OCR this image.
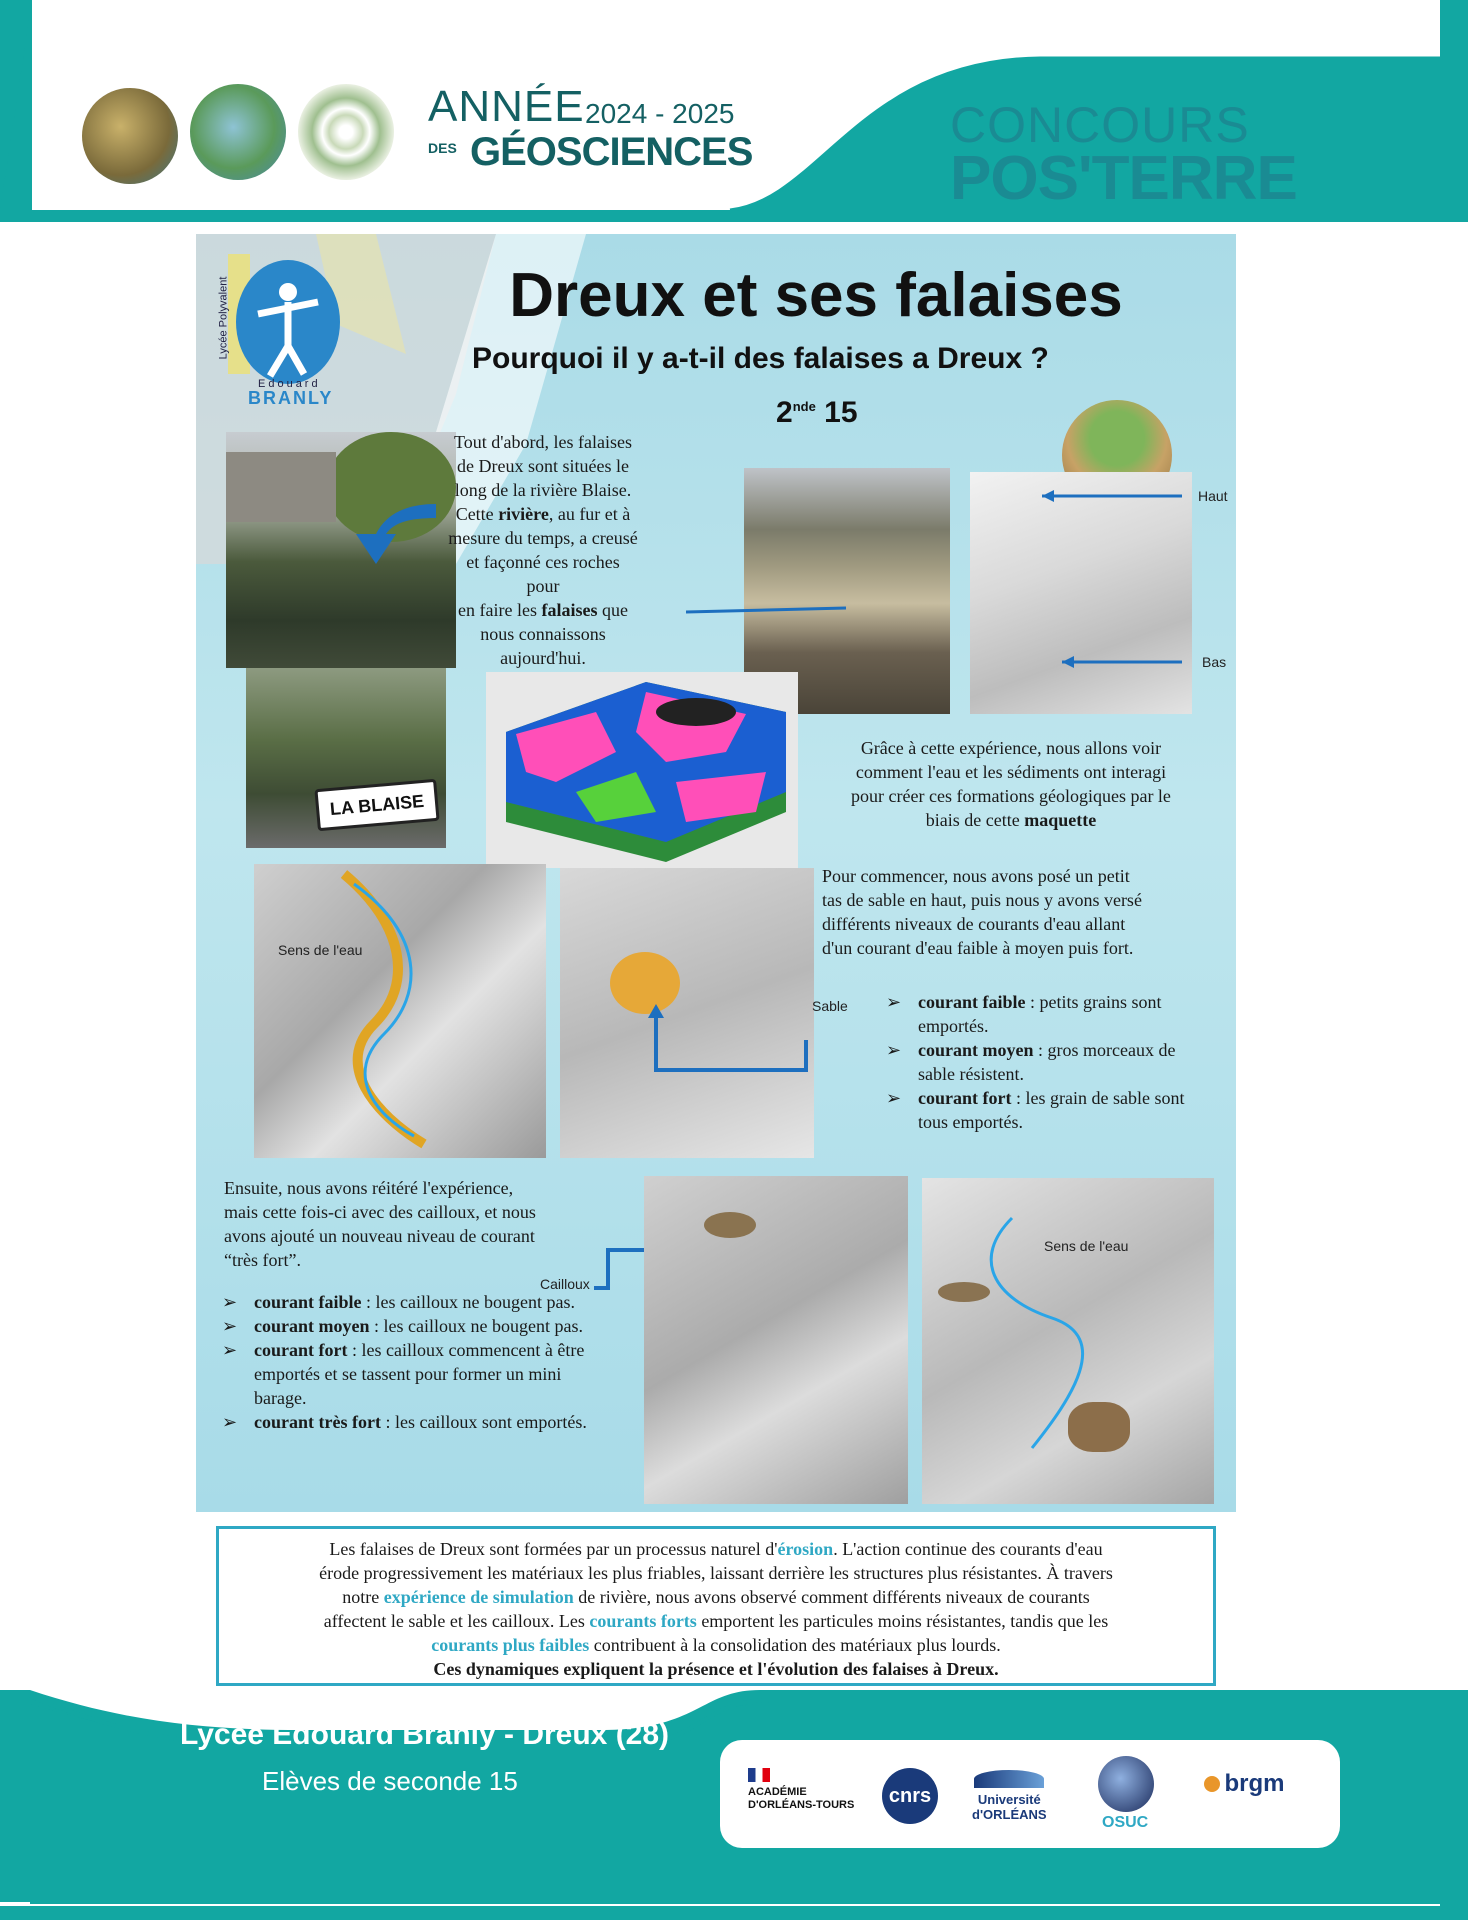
ANNÉE 2024 - 2025
DES GÉOSCIENCES	CONCOURS
POS'TERRE
Lycée Polyvalent
Edouard
BRANLY
Dreux et ses falaises
Pourquoi il y a-t-il des falaises a Dreux ?
2nde 15
LA BLAISE
Tout d'abord, les falaises
de Dreux sont situées le
long de la rivière Blaise.
Cette rivière, au fur et à
mesure du temps, a creusé
et façonné ces roches pour
en faire les falaises que
nous connaissons
aujourd'hui.
Haut
Bas
Grâce à cette expérience, nous allons voir
comment l'eau et les sédiments ont interagi
pour créer ces formations géologiques par le
biais de cette maquette
Sens de l'eau
Sable
Pour commencer, nous avons posé un petit
tas de sable en haut, puis nous y avons versé
différents niveaux de courants d'eau allant
d'un courant d'eau faible à moyen puis fort.
➢ courant faible : petits grains sont emportés.
➢ courant moyen : gros morceaux de sable résistent.
➢ courant fort : les grain de sable sont tous emportés.
Ensuite, nous avons réitéré l'expérience,
mais cette fois-ci avec des cailloux, et nous
avons ajouté un nouveau niveau de courant
“très fort”.
➢ courant faible : les cailloux ne bougent pas.
➢ courant moyen : les cailloux ne bougent pas.
➢ courant fort : les cailloux commencent à être emportés et se tassent pour former un mini barage.
➢ courant très fort : les cailloux sont emportés.
Cailloux
Sens de l'eau
Les falaises de Dreux sont formées par un processus naturel d'érosion. L'action continue des courants d'eau
érode progressivement les matériaux les plus friables, laissant derrière les structures plus résistantes. À travers
notre expérience de simulation de rivière, nous avons observé comment différents niveaux de courants
affectent le sable et les cailloux. Les courants forts emportent les particules moins résistantes, tandis que les
courants plus faibles contribuent à la consolidation des matériaux plus lourds.
Ces dynamiques expliquent la présence et l'évolution des falaises à Dreux.
Lycée Edouard Branly - Dreux (28)
Elèves de seconde 15	ACADÉMIE
D'ORLÉANS-TOURS	cnrs	Université
d'ORLÉANS	OSUC
brgm
